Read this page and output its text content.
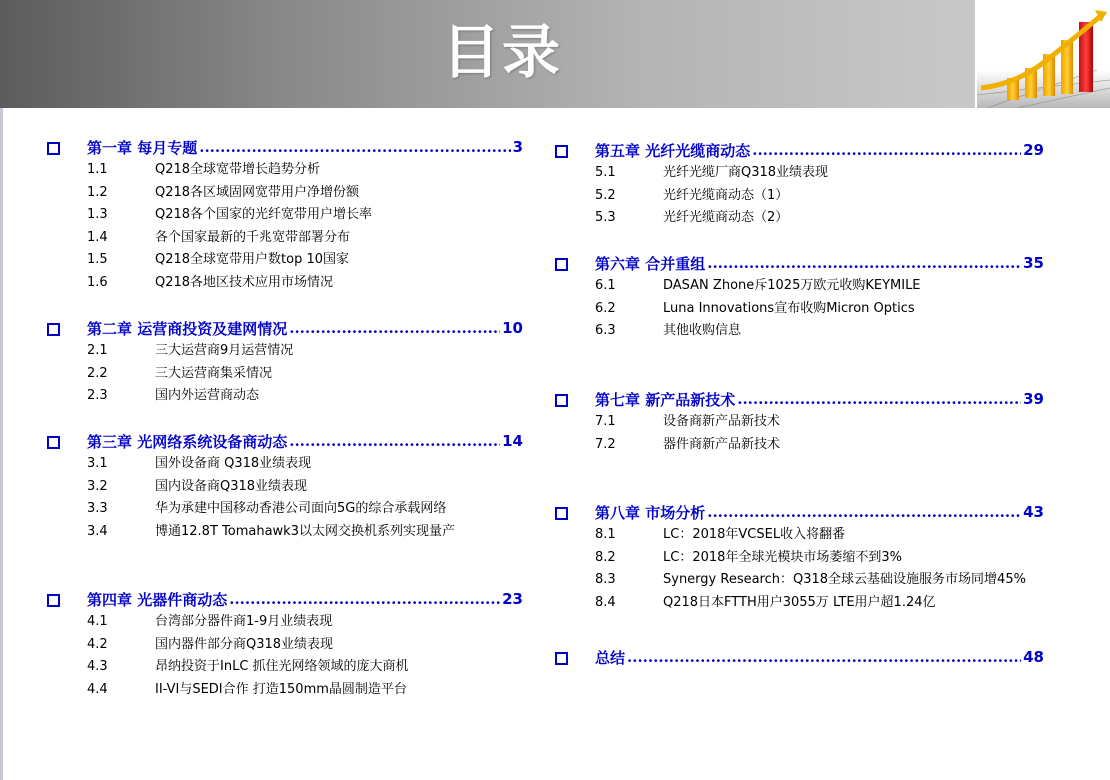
目录
第一章 每月专题 .....	3
1.1	Q218全球宽带增长趋势分析
1.2	Q218各区域固网宽带用户净增份额
1.3	Q218各个国家的光纤宽带用户增长率
1.4	各个国家最新的千兆宽带部署分布
1.5	Q218全球宽带用户数top 10国家
1.6	Q218各地区技术应用市场情况
第二章 运营商投资及建网情况 .....	10
2.1	三大运营商9月运营情况
2.2	三大运营商集采情况
2.3	国内外运营商动态
第三章 光网络系统设备商动态 .....	14
3.1	国外设备商 Q318业绩表现
3.2	国内设备商Q318业绩表现
3.3	华为承建中国移动香港公司面向5G的综合承载网络
3.4	博通12.8T Tomahawk3以太网交换机系列实现量产
第四章 光器件商动态 .....	23
4.1	台湾部分器件商1-9月业绩表现
4.2	国内器件部分商Q318业绩表现
4.3	昂纳投资于InLC 抓住光网络领域的庞大商机
4.4	II-VI与SEDI合作 打造150mm晶圆制造平台
第五章 光纤光缆商动态 .....	29
5.1	光纤光缆厂商Q318业绩表现
5.2	光纤光缆商动态（1）
5.3	光纤光缆商动态（2）
第六章 合并重组 .....	35
6.1	DASAN Zhone斥1025万欧元收购KEYMILE
6.2	Luna Innovations宣布收购Micron Optics
6.3	其他收购信息
第七章 新产品新技术 .....	39
7.1	设备商新产品新技术
7.2	器件商新产品新技术
第八章 市场分析 .....	43
8.1	LC：2018年VCSEL收入将翻番
8.2	LC：2018年全球光模块市场萎缩不到3%
8.3	Synergy Research：Q318全球云基础设施服务市场同增45%
8.4	Q218日本FTTH用户3055万 LTE用户超1.24亿
总结 .....	48
